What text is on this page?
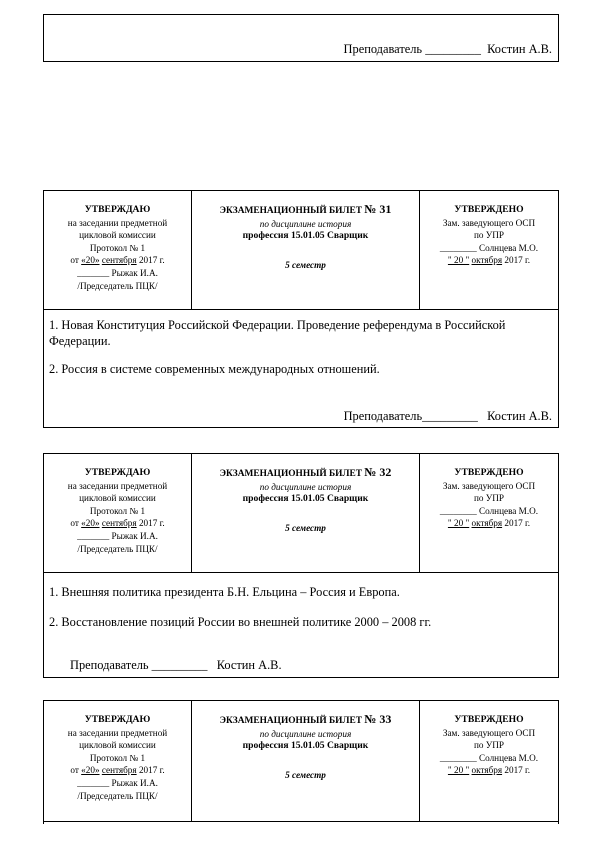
Преподаватель _________ Костин А.В.
УТВЕРЖДАЮ
на заседании предметной
цикловой комиссии
Протокол № 1
от «20» сентября 2017 г.
_______ Рыжак И.А.
/Председатель ПЦК/
ЭКЗАМЕНАЦИОННЫЙ БИЛЕТ № 31
по дисциплине история
профессия 15.01.05 Сварщик
5 семестр
УТВЕРЖДЕНО
Зам. заведующего ОСП
по УПР
________ Солнцева М.О.
" 20 " октября 2017 г.
1. Новая Конституция Российской Федерации. Проведение референдума в Российской Федерации.
2. Россия в системе современных международных отношений.
Преподаватель_________ Костин А.В.
УТВЕРЖДАЮ
на заседании предметной
цикловой комиссии
Протокол № 1
от «20» сентября 2017 г.
_______ Рыжак И.А.
/Председатель ПЦК/
ЭКЗАМЕНАЦИОННЫЙ БИЛЕТ № 32
по дисциплине история
профессия 15.01.05 Сварщик
5 семестр
УТВЕРЖДЕНО
Зам. заведующего ОСП
по УПР
________ Солнцева М.О.
" 20 " октября 2017 г.
1. Внешняя политика президента Б.Н. Ельцина – Россия и Европа.
2. Восстановление позиций России во внешней политике 2000 – 2008 гг.
Преподаватель _________ Костин А.В.
УТВЕРЖДАЮ
на заседании предметной
цикловой комиссии
Протокол № 1
от «20» сентября 2017 г.
_______ Рыжак И.А.
/Председатель ПЦК/
ЭКЗАМЕНАЦИОННЫЙ БИЛЕТ № 33
по дисциплине история
профессия 15.01.05 Сварщик
5 семестр
УТВЕРЖДЕНО
Зам. заведующего ОСП
по УПР
________ Солнцева М.О.
" 20 " октября 2017 г.
